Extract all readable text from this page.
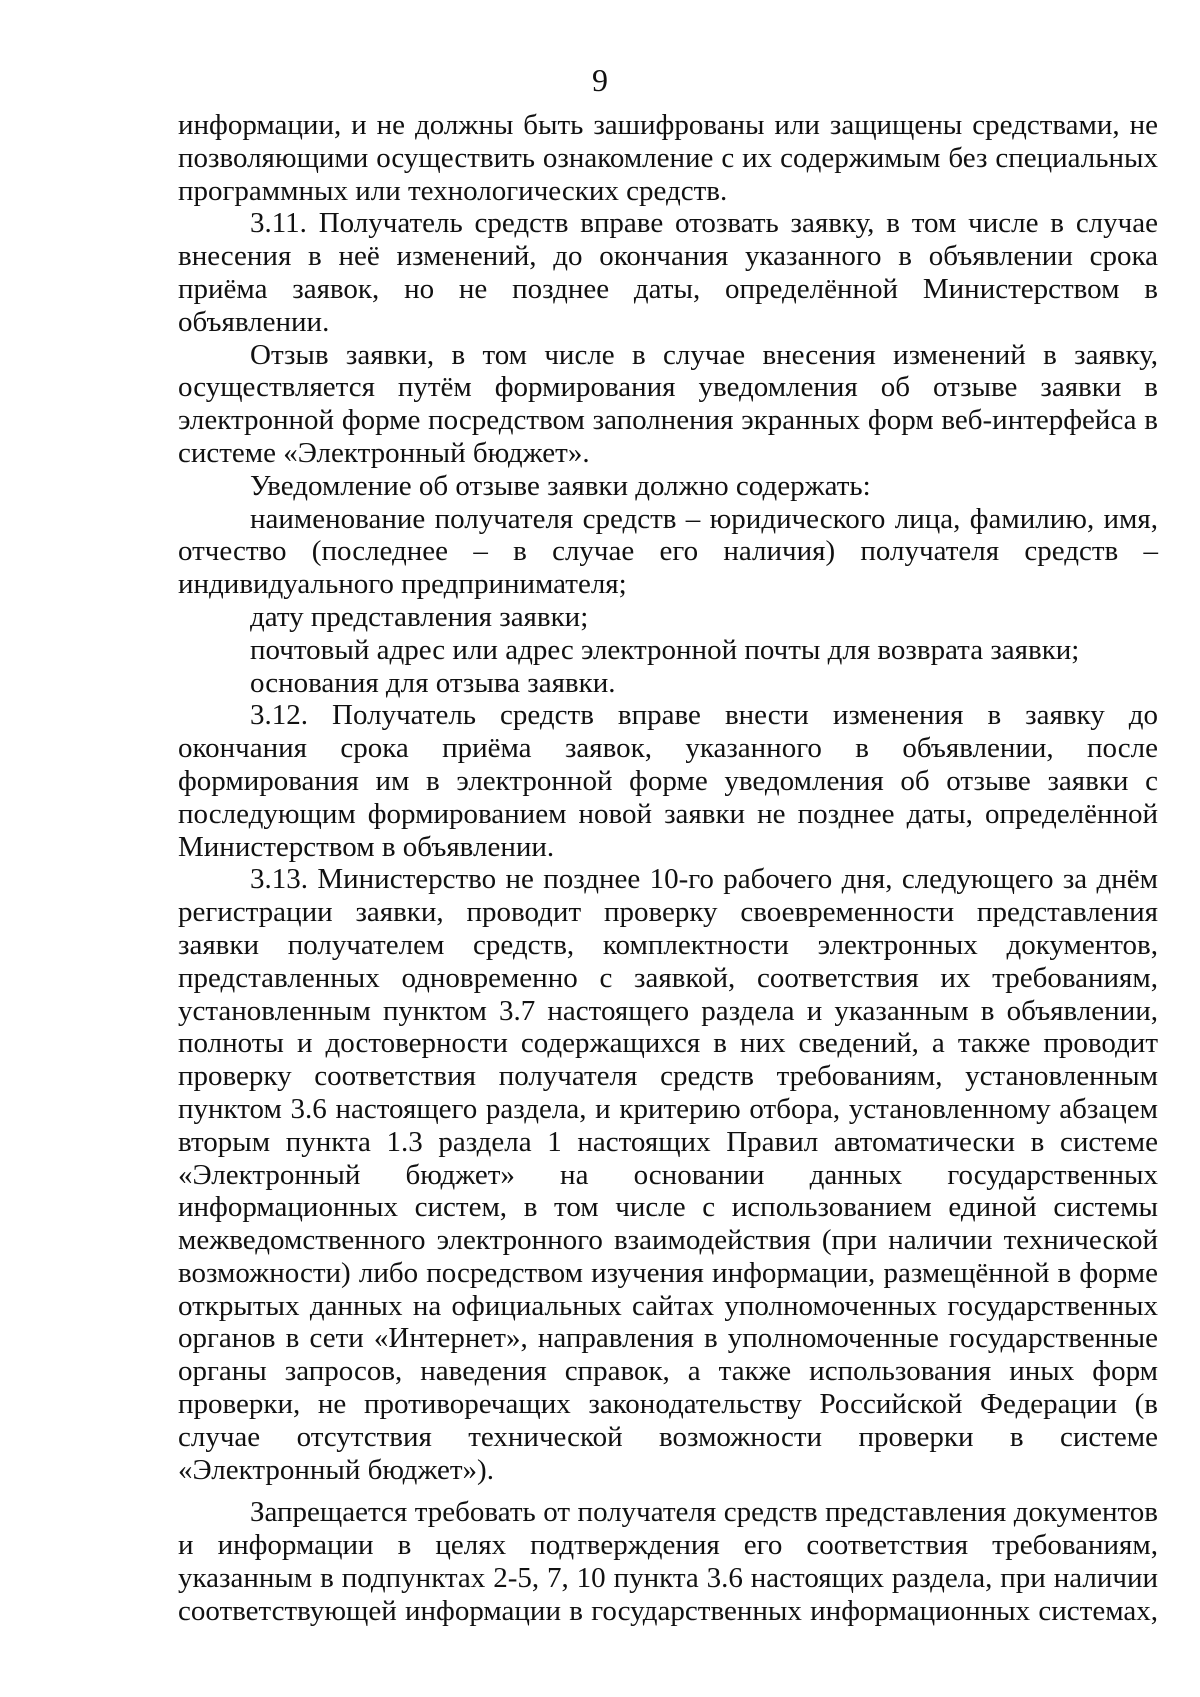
9

информации, и не должны быть зашифрованы или защищены средствами, не позволяющими осуществить ознакомление с их содержимым без специальных программных или технологических средств.

3.11. Получатель средств вправе отозвать заявку, в том числе в случае внесения в неё изменений, до окончания указанного в объявлении срока приёма заявок, но не позднее даты, определённой Министерством в объявлении.

Отзыв заявки, в том числе в случае внесения изменений в заявку, осуществляется путём формирования уведомления об отзыве заявки в электронной форме посредством заполнения экранных форм веб-интерфейса в системе «Электронный бюджет».

Уведомление об отзыве заявки должно содержать:

наименование получателя средств – юридического лица, фамилию, имя, отчество (последнее – в случае его наличия) получателя средств – индивидуального предпринимателя;

дату представления заявки;

почтовый адрес или адрес электронной почты для возврата заявки;

основания для отзыва заявки.

3.12. Получатель средств вправе внести изменения в заявку до окончания срока приёма заявок, указанного в объявлении, после формирования им в электронной форме уведомления об отзыве заявки с последующим формированием новой заявки не позднее даты, определённой Министерством в объявлении.

3.13. Министерство не позднее 10-го рабочего дня, следующего за днём регистрации заявки, проводит проверку своевременности представления заявки получателем средств, комплектности электронных документов, представленных одновременно с заявкой, соответствия их требованиям, установленным пунктом 3.7 настоящего раздела и указанным в объявлении, полноты и достоверности содержащихся в них сведений, а также проводит проверку соответствия получателя средств требованиям, установленным пунктом 3.6 настоящего раздела, и критерию отбора, установленному абзацем вторым пункта 1.3 раздела 1 настоящих Правил автоматически в системе «Электронный бюджет» на основании данных государственных информационных систем, в том числе с использованием единой системы межведомственного электронного взаимодействия (при наличии технической возможности) либо посредством изучения информации, размещённой в форме открытых данных на официальных сайтах уполномоченных государственных органов в сети «Интернет», направления в уполномоченные государственные органы запросов, наведения справок, а также использования иных форм проверки, не противоречащих законодательству Российской Федерации (в случае отсутствия технической возможности проверки в системе «Электронный бюджет»).

Запрещается требовать от получателя средств представления документов и информации в целях подтверждения его соответствия требованиям, указанным в подпунктах 2-5, 7, 10 пункта 3.6 настоящих раздела, при наличии соответствующей информации в государственных информационных системах,
